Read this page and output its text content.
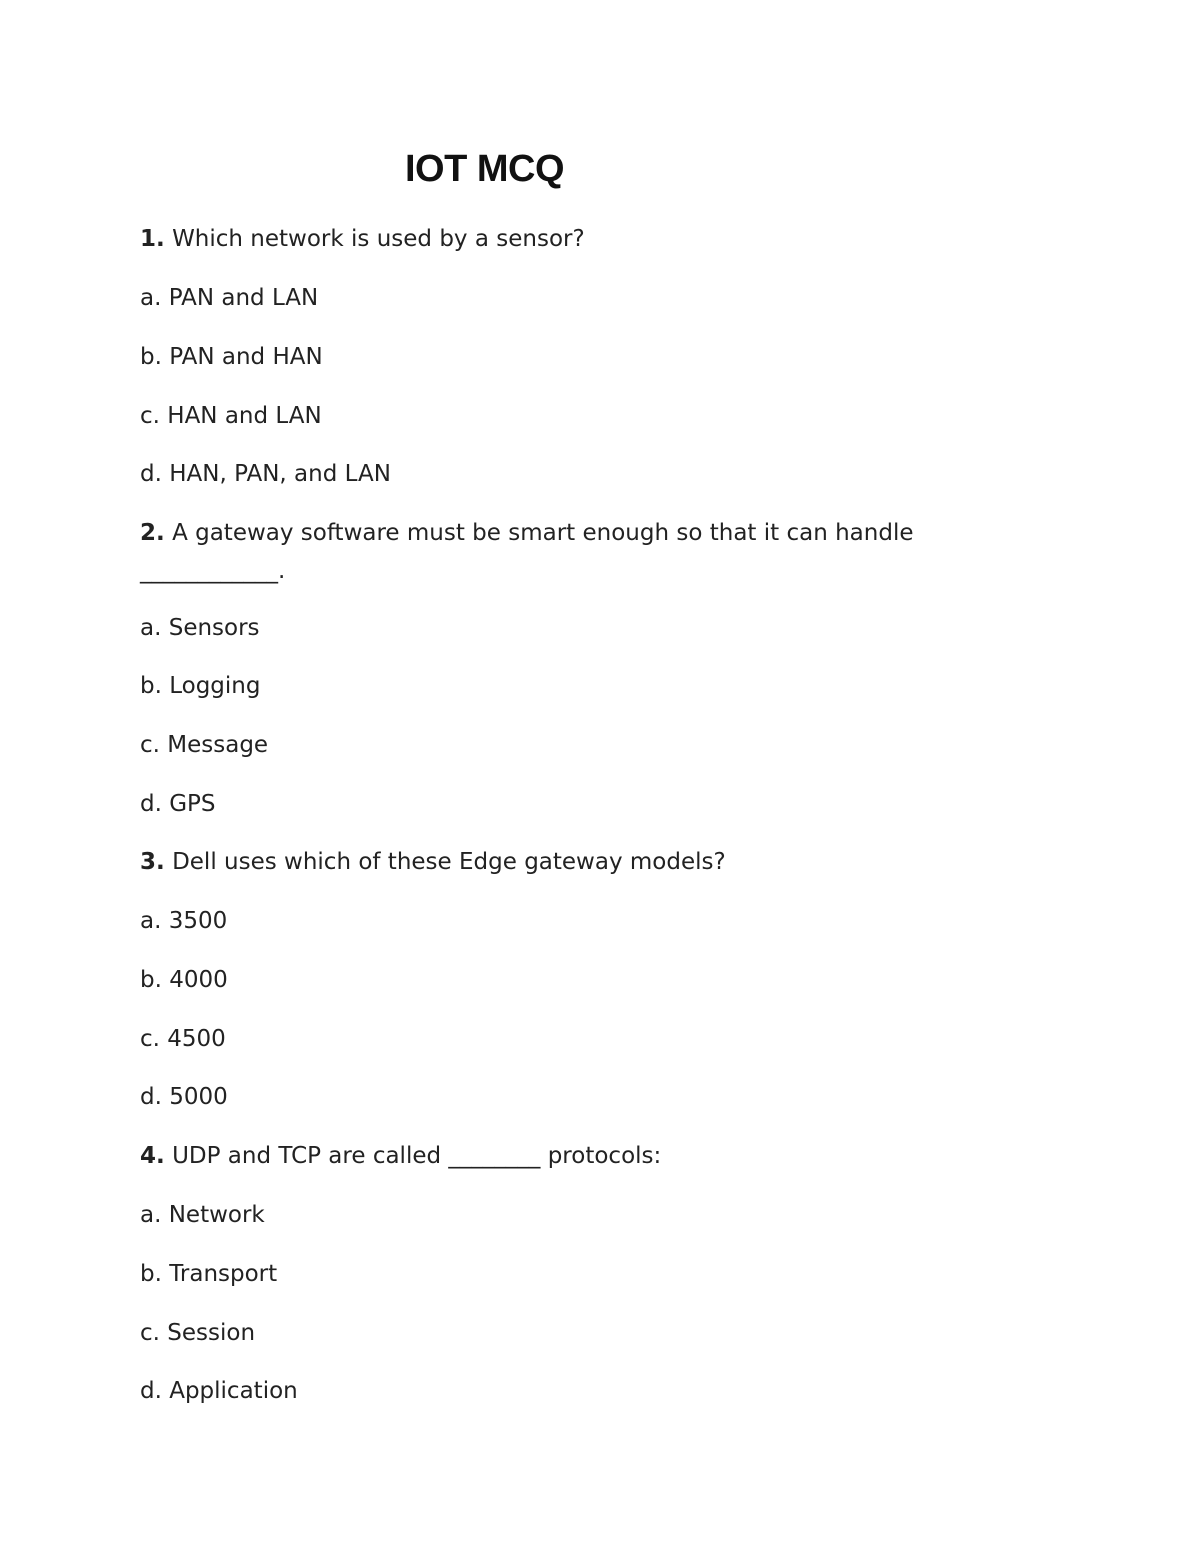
IOT MCQ
1. Which network is used by a sensor?
a. PAN and LAN
b. PAN and HAN
c. HAN and LAN
d. HAN, PAN, and LAN
2. A gateway software must be smart enough so that it can handle
____________.
a. Sensors
b. Logging
c. Message
d. GPS
3. Dell uses which of these Edge gateway models?
a. 3500
b. 4000
c. 4500
d. 5000
4. UDP and TCP are called ________ protocols:
a. Network
b. Transport
c. Session
d. Application
